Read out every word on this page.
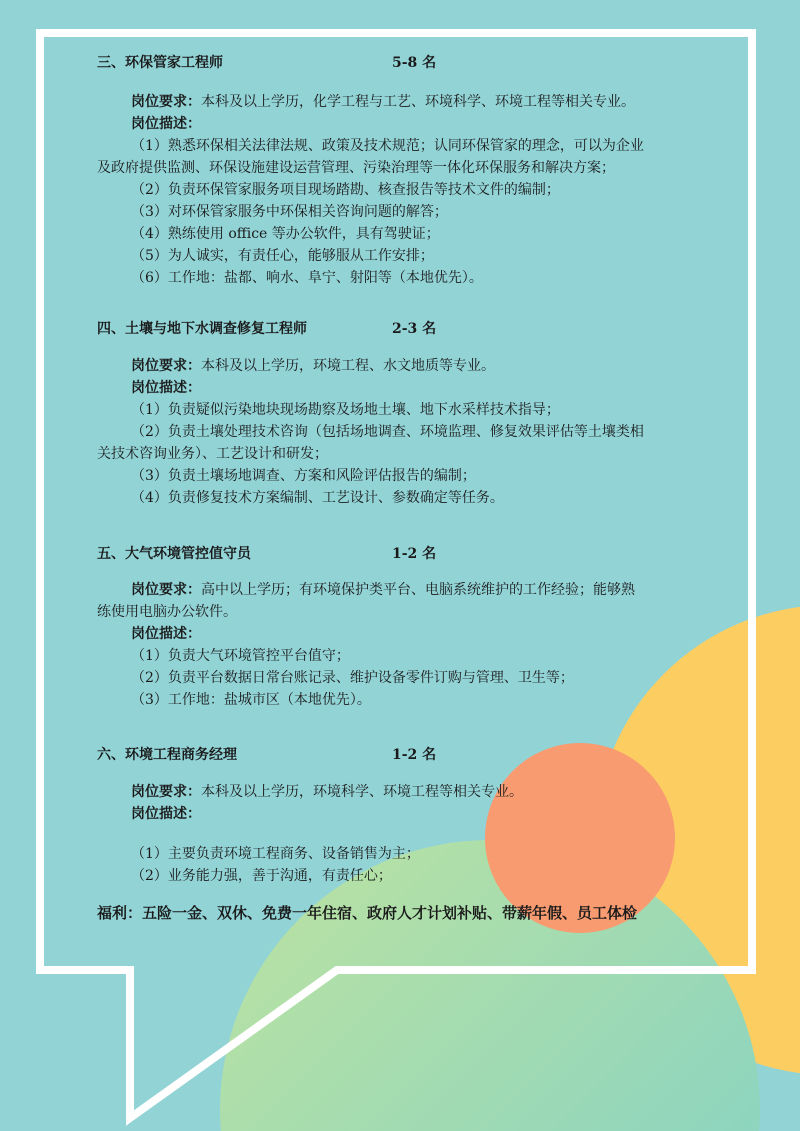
三、环保管家工程师	5-8 名
岗位要求：本科及以上学历，化学工程与工艺、环境科学、环境工程等相关专业。
岗位描述：
（1）熟悉环保相关法律法规、政策及技术规范；认同环保管家的理念，可以为企业
及政府提供监测、环保设施建设运营管理、污染治理等一体化环保服务和解决方案；
（2）负责环保管家服务项目现场踏勘、核查报告等技术文件的编制；
（3）对环保管家服务中环保相关咨询问题的解答；
（4）熟练使用 office 等办公软件，具有驾驶证；
（5）为人诚实，有责任心，能够服从工作安排；
（6）工作地：盐都、响水、阜宁、射阳等（本地优先）。
四、土壤与地下水调查修复工程师	2-3 名
岗位要求：本科及以上学历，环境工程、水文地质等专业。
岗位描述：
（1）负责疑似污染地块现场勘察及场地土壤、地下水采样技术指导；
（2）负责土壤处理技术咨询（包括场地调查、环境监理、修复效果评估等土壤类相
关技术咨询业务）、工艺设计和研发；
（3）负责土壤场地调查、方案和风险评估报告的编制；
（4）负责修复技术方案编制、工艺设计、参数确定等任务。
五、大气环境管控值守员	1-2 名
岗位要求：高中以上学历；有环境保护类平台、电脑系统维护的工作经验；能够熟
练使用电脑办公软件。
岗位描述：
（1）负责大气环境管控平台值守；
（2）负责平台数据日常台账记录、维护设备零件订购与管理、卫生等；
（3）工作地：盐城市区（本地优先）。
六、环境工程商务经理	1-2 名
岗位要求：本科及以上学历，环境科学、环境工程等相关专业。
岗位描述：
（1）主要负责环境工程商务、设备销售为主；
（2）业务能力强，善于沟通，有责任心；
福利：五险一金、双休、免费一年住宿、政府人才计划补贴、带薪年假、员工体检
